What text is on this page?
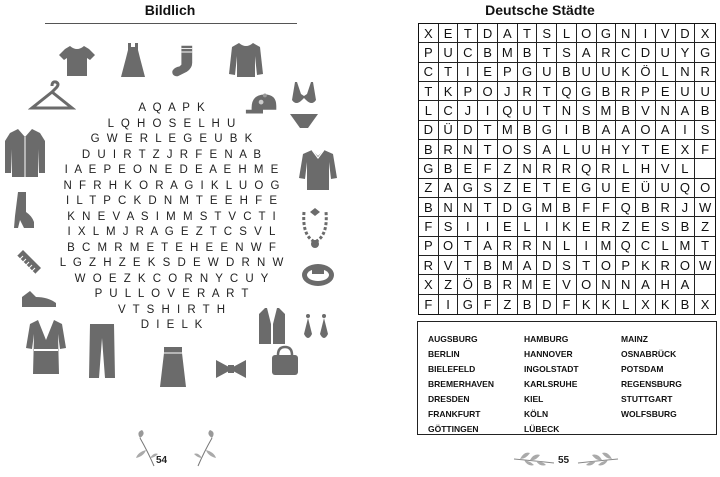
Bildlich
A Q A P K
L Q H O S E L H U
G W E R L E G E U B K
D U I R T Z J R F E N A B
I A E P E O N E D E A E H M E
N F R H K O R A G I K L U O G
I L T P C K D N M T E E H F E
K N E V A S I M M S T V C T I
I X L M J R A G E Z T C S V L
B C M R M E T E H E E N W F
L G Z H Z E K S D E W D R N W
W O E Z K C O R N Y C U Y
P U L L O V E R A R T
V T S H I R T H
D I E L K
54
Deutsche Städte
X E T D A T S L O G N	I	V D X
P U C B M B T S A R C D U Y G
C T	I	E P G U B U U K Ö L N R
T K P O J R T Q G B R P E U U
L C J	I Q U T N S M B V N A B
D Ü D T M B G I	B A A O A	I	S
B R N T O S A L U H Y T E X F
G B E F Z N R R Q R L H V L
Z A G S Z E T E G U E Ü U Q O
B N N T D G M B F F Q B R J W
F S	I	I	E L	I	K E R Z E S B Z
P O T A R R N L	I M Q C L M T
R V T B M A D S T O P K R O W
X Z Ö B R M E V O N N A H A
F	I G F Z B D F K K L X K B X
AUGSBURG
BERLIN
BIELEFELD
BREMERHAVEN
DRESDEN
FRANKFURT
GÖTTINGEN
HAMBURG
HANNOVER
INGOLSTADT
KARLSRUHE
KIEL
KÖLN
LÜBECK
MAINZ
OSNABRÜCK
POTSDAM
REGENSBURG
STUTTGART
WOLFSBURG
55
